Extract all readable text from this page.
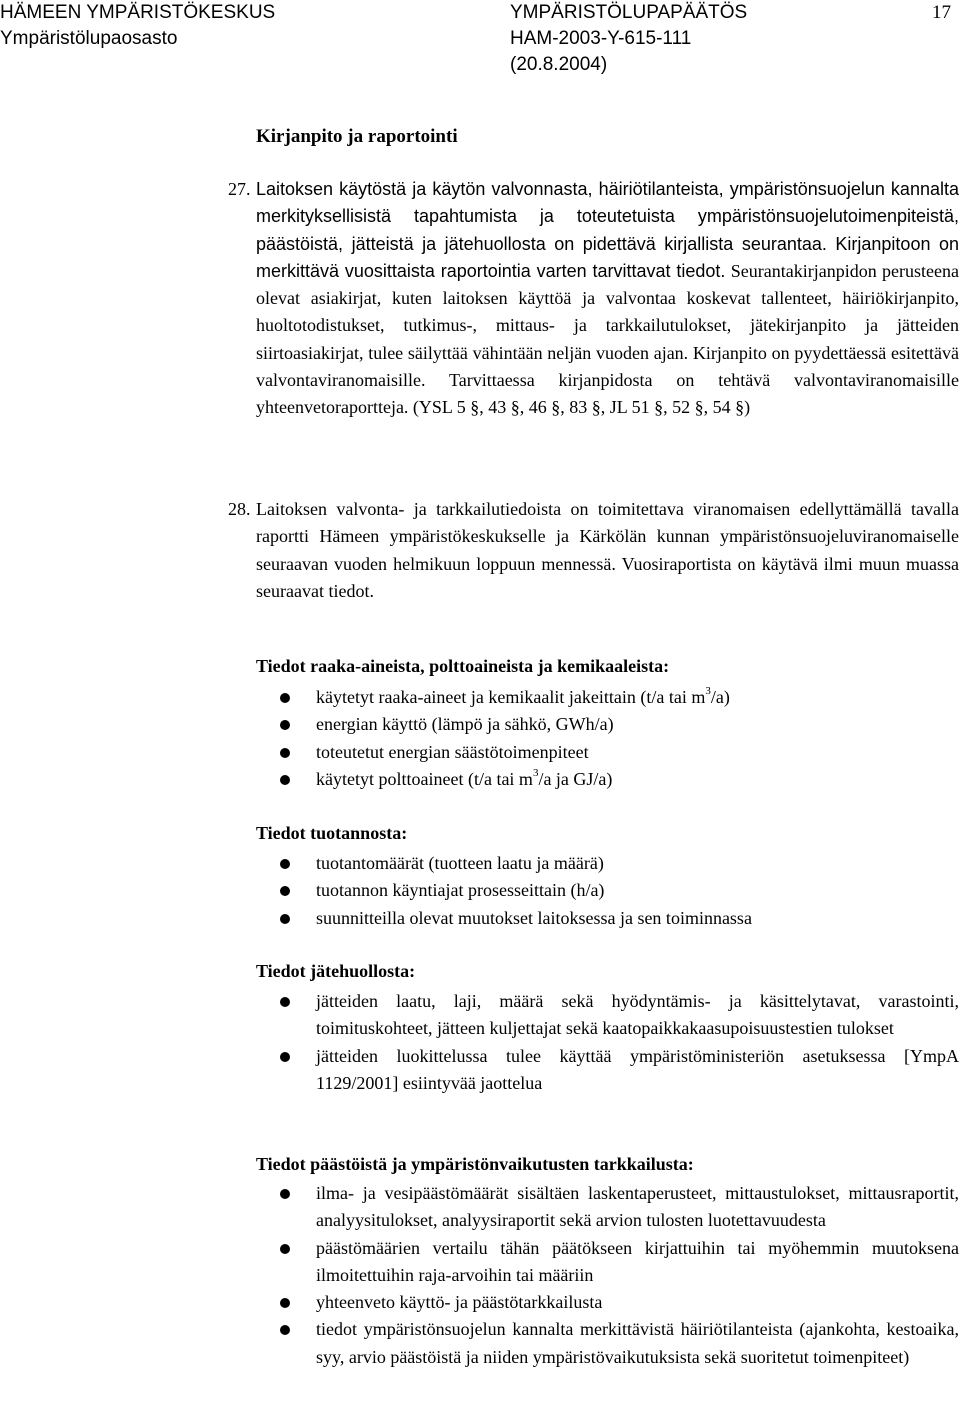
HÄMEEN YMPÄRISTÖKESKUS
Ympäristölupaosasto
YMPÄRISTÖLUPAPÄÄTÖS
HAM-2003-Y-615-111
(20.8.2004)
17
Kirjanpito ja raportointi
27. Laitoksen käytöstä ja käytön valvonnasta, häiriötilanteista, ympäristönsuojelun kannalta merkityksellisistä tapahtumista ja toteutetuista ympäristönsuojelutoimenpiteistä, päästöistä, jätteistä ja jätehuollosta on pidettävä kirjallista seurantaa. Kirjanpitoon on merkittävä vuosittaista raportointia varten tarvittavat tiedot. Seurantakirjanpidon perusteena olevat asiakirjat, kuten laitoksen käyttöä ja valvontaa koskevat tallenteet, häiriökirjanpito, huoltotodistukset, tutkimus-, mittaus- ja tarkkailutulokset, jätekirjanpito ja jätteiden siirtoasiakirjat, tulee säilyttää vähintään neljän vuoden ajan. Kirjanpito on pyydettäessä esitettävä valvontaviranomaisille. Tarvittaessa kirjanpidosta on tehtävä valvontaviranomaisille yhteenvetoraportteja. (YSL 5 §, 43 §, 46 §, 83 §, JL 51 §, 52 §, 54 §)
28. Laitoksen valvonta- ja tarkkailutiedoista on toimitettava viranomaisen edellyttämällä tavalla raportti Hämeen ympäristökeskukselle ja Kärkölän kunnan ympäristönsuojeluviranomaiselle seuraavan vuoden helmikuun loppuun mennessä. Vuosiraportista on käytävä ilmi muun muassa seuraavat tiedot.
Tiedot raaka-aineista, polttoaineista ja kemikaaleista:
käytetyt raaka-aineet ja kemikaalit jakeittain (t/a tai $m^3/a$)
energian käyttö (lämpö ja sähkö, GWh/a)
toteutetut energian säästötoimenpiteet
käytetyt polttoaineet (t/a tai $m^3/a$ ja GJ/a)
Tiedot tuotannosta:
tuotantomäärät (tuotteen laatu ja määrä)
tuotannon käyntiajat prosesseittain (h/a)
suunnitteilla olevat muutokset laitoksessa ja sen toiminnassa
Tiedot jätehuollosta:
jätteiden laatu, laji, määrä sekä hyödyntämis- ja käsittelytavat, varastointi, toimituskohteet, jätteen kuljettajat sekä kaatopaikkakaasupoisuustestien tulokset
jätteiden luokittelussa tulee käyttää ympäristöministeriön asetuksessa [YmpA 1129/2001] esiintyvää jaottelua
Tiedot päästöistä ja ympäristönvaikutusten tarkkailusta:
ilma- ja vesipäästömäärät sisältäen laskentaperusteet, mittaustulokset, mittausraportit, analyysitulokset, analyysiraportit sekä arvion tulosten luotettavuudesta
päästömäärien vertailu tähän päätökseen kirjattuihin tai myöhemmin muutoksena ilmoitettuihin raja-arvoihin tai määriin
yhteenveto käyttö- ja päästötarkkailusta
tiedot ympäristönsuojelun kannalta merkittävistä häiriötilanteista (ajankohta, kestoaika, syy, arvio päästöistä ja niiden ympäristövaikutuksista sekä suoritetut toimenpiteet)
